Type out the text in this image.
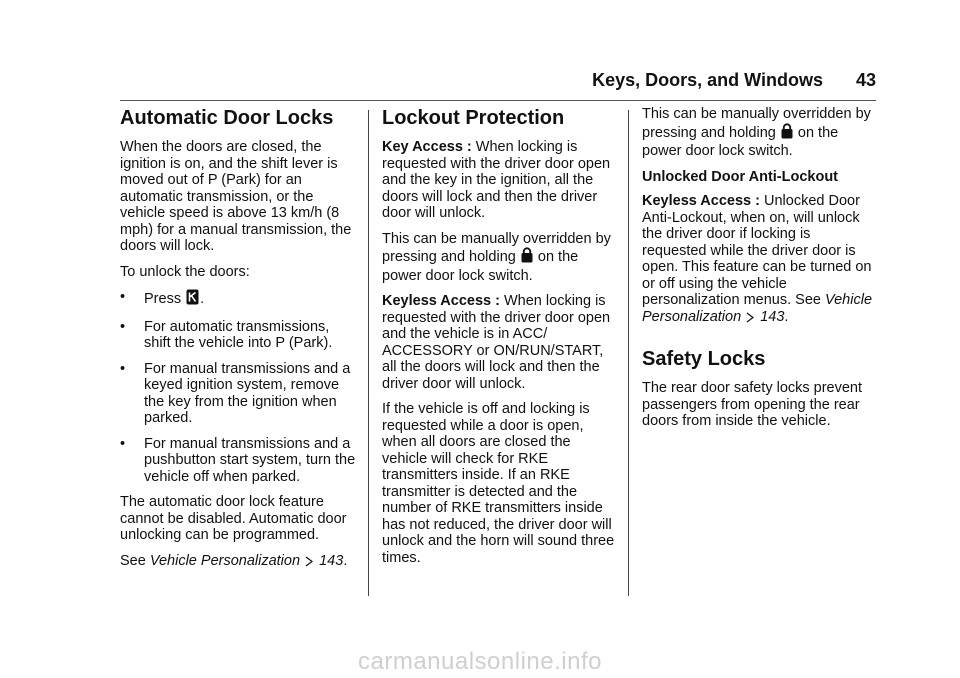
Keys, Doors, and Windows 43
Automatic Door Locks

When the doors are closed, the ignition is on, and the shift lever is moved out of P (Park) for an automatic transmission, or the vehicle speed is above 13 km/h (8 mph) for a manual transmission, the doors will lock.

To unlock the doors:

• Press .
• For automatic transmissions, shift the vehicle into P (Park).
• For manual transmissions and a keyed ignition system, remove the key from the ignition when parked.
• For manual transmissions and a pushbutton start system, turn the vehicle off when parked.

The automatic door lock feature cannot be disabled. Automatic door unlocking can be programmed.

See Vehicle Personalization 143.

Lockout Protection

Key Access : When locking is requested with the driver door open and the key in the ignition, all the doors will lock and then the driver door will unlock.

This can be manually overridden by pressing and holding  on the power door lock switch.

Keyless Access : When locking is requested with the driver door open and the vehicle is in ACC/ ACCESSORY or ON/RUN/START, all the doors will lock and then the driver door will unlock.

If the vehicle is off and locking is requested while a door is open, when all doors are closed the vehicle will check for RKE transmitters inside. If an RKE transmitter is detected and the number of RKE transmitters inside has not reduced, the driver door will unlock and the horn will sound three times.

This can be manually overridden by pressing and holding  on the power door lock switch.

Unlocked Door Anti-Lockout

Keyless Access : Unlocked Door Anti-Lockout, when on, will unlock the driver door if locking is requested while the driver door is open. This feature can be turned on or off using the vehicle personalization menus. See Vehicle Personalization 143.

Safety Locks

The rear door safety locks prevent passengers from opening the rear doors from inside the vehicle.

carmanualsonline.info
